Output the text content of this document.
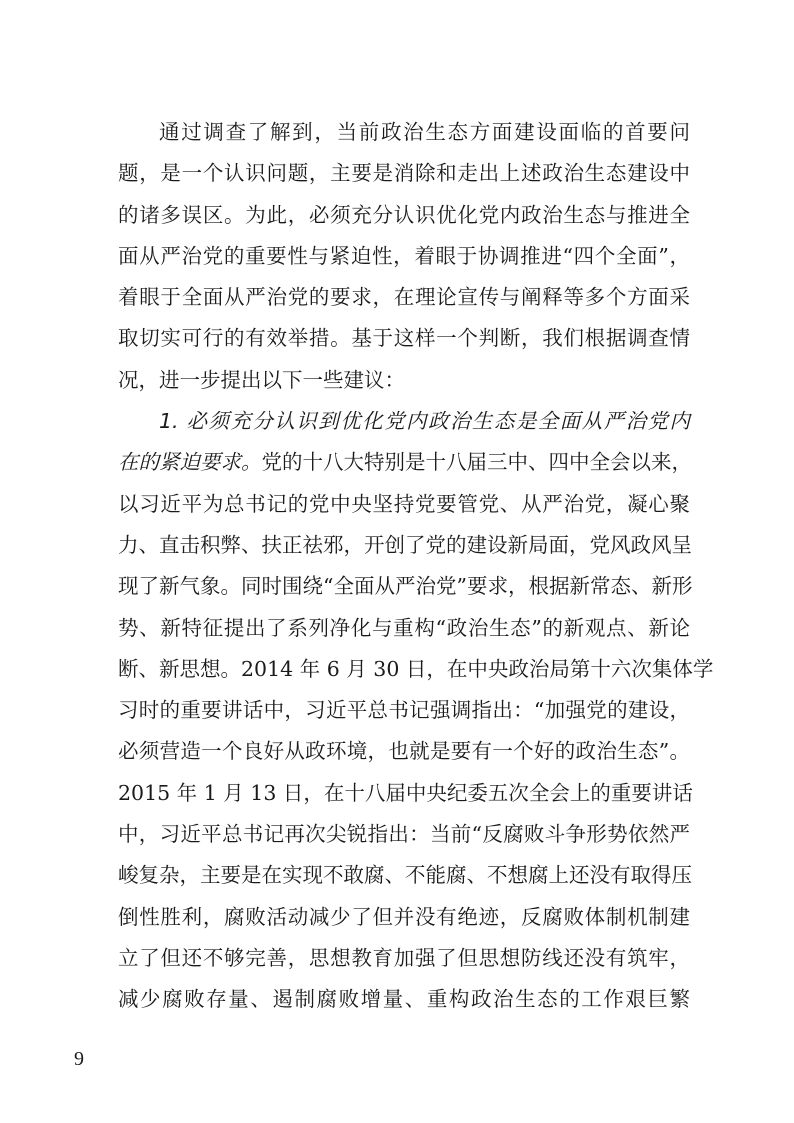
通过调查了解到，当前政治生态方面建设面临的首要问
题，是一个认识问题，主要是消除和走出上述政治生态建设中
的诸多误区。为此，必须充分认识优化党内政治生态与推进全
面从严治党的重要性与紧迫性，着眼于协调推进“四个全面”，
着眼于全面从严治党的要求，在理论宣传与阐释等多个方面采
取切实可行的有效举措。基于这样一个判断，我们根据调查情
况，进一步提出以下一些建议：
1. 必须充分认识到优化党内政治生态是全面从严治党内
在的紧迫要求。党的十八大特别是十八届三中、四中全会以来，
以习近平为总书记的党中央坚持党要管党、从严治党，凝心聚
力、直击积弊、扶正祛邪，开创了党的建设新局面，党风政风呈
现了新气象。同时围绕“全面从严治党”要求，根据新常态、新形
势、新特征提出了系列净化与重构“政治生态”的新观点、新论
断、新思想。2014 年 6 月 30 日，在中央政治局第十六次集体学
习时的重要讲话中，习近平总书记强调指出：“加强党的建设，
必须营造一个良好从政环境，也就是要有一个好的政治生态”。
2015 年 1 月 13 日，在十八届中央纪委五次全会上的重要讲话
中，习近平总书记再次尖锐指出：当前“反腐败斗争形势依然严
峻复杂，主要是在实现不敢腐、不能腐、不想腐上还没有取得压
倒性胜利，腐败活动减少了但并没有绝迹，反腐败体制机制建
立了但还不够完善，思想教育加强了但思想防线还没有筑牢，
减少腐败存量、遏制腐败增量、重构政治生态的工作艰巨繁
9
